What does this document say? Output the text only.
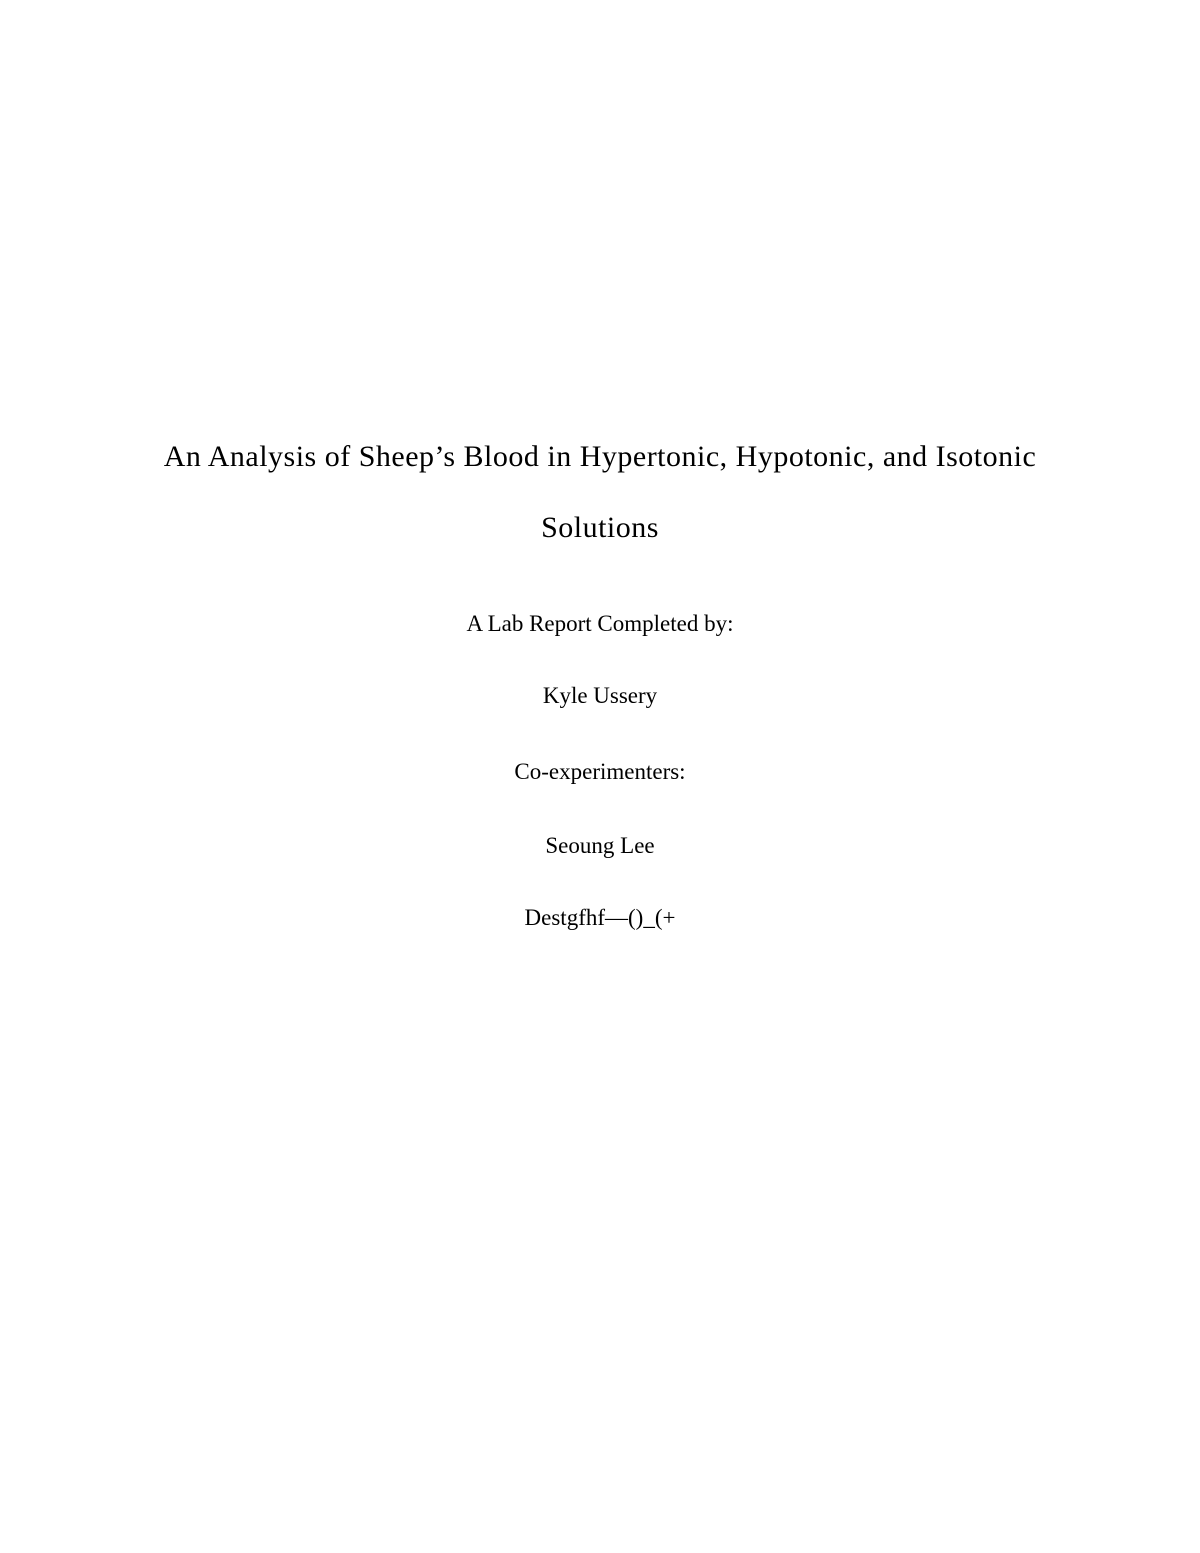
An Analysis of Sheep’s Blood in Hypertonic, Hypotonic, and Isotonic
Solutions

A Lab Report Completed by:

Kyle Ussery

Co-experimenters:

Seoung Lee

Destgfhf—()_(+
